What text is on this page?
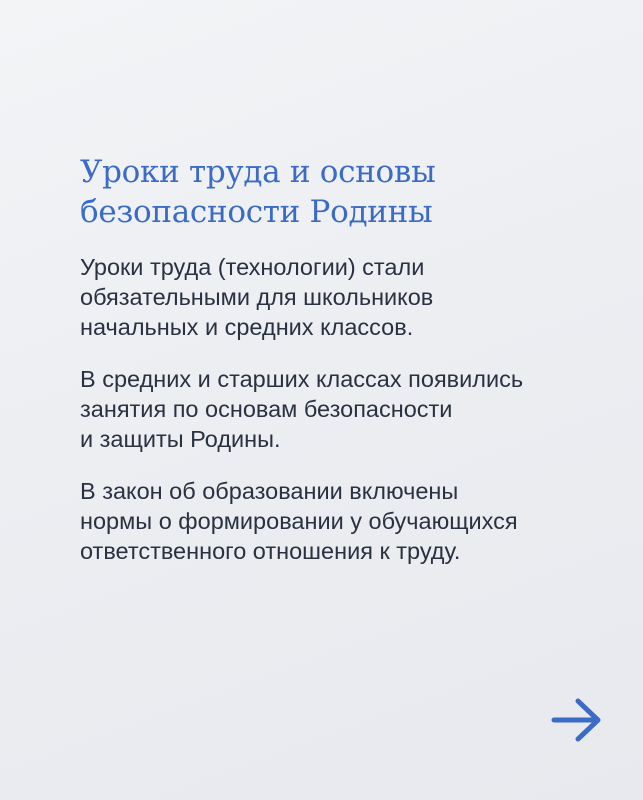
Уроки труда и основы
безопасности Родины

Уроки труда (технологии) стали
обязательными для школьников
начальных и средних классов.

В средних и старших классах появились
занятия по основам безопасности
и защиты Родины.

В закон об образовании включены
нормы о формировании у обучающихся
ответственного отношения к труду.
